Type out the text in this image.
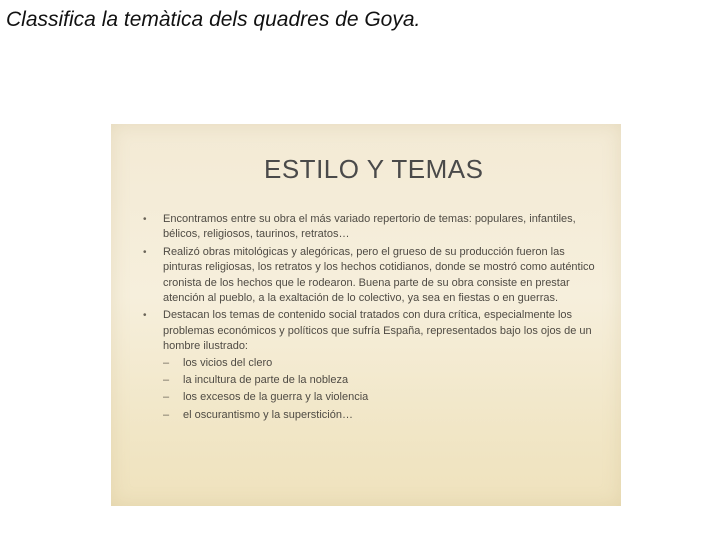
Classifica la temàtica dels quadres de Goya.
ESTILO Y TEMAS
• Encontramos entre su obra el más variado repertorio de temas: populares, infantiles, bélicos, religiosos, taurinos, retratos…
• Realizó obras mitológicas y alegóricas, pero el grueso de su producción fueron las pinturas religiosas, los retratos y los hechos cotidianos, donde se mostró como auténtico cronista de los hechos que le rodearon. Buena parte de su obra consiste en prestar atención al pueblo, a la exaltación de lo colectivo, ya sea en fiestas o en guerras.
• Destacan los temas de contenido social tratados con dura crítica, especialmente los problemas económicos y políticos que sufría España, representados bajo los ojos de un hombre ilustrado:
– los vicios del clero
– la incultura de parte de la nobleza
– los excesos de la guerra y la violencia
– el oscurantismo y la superstición…
